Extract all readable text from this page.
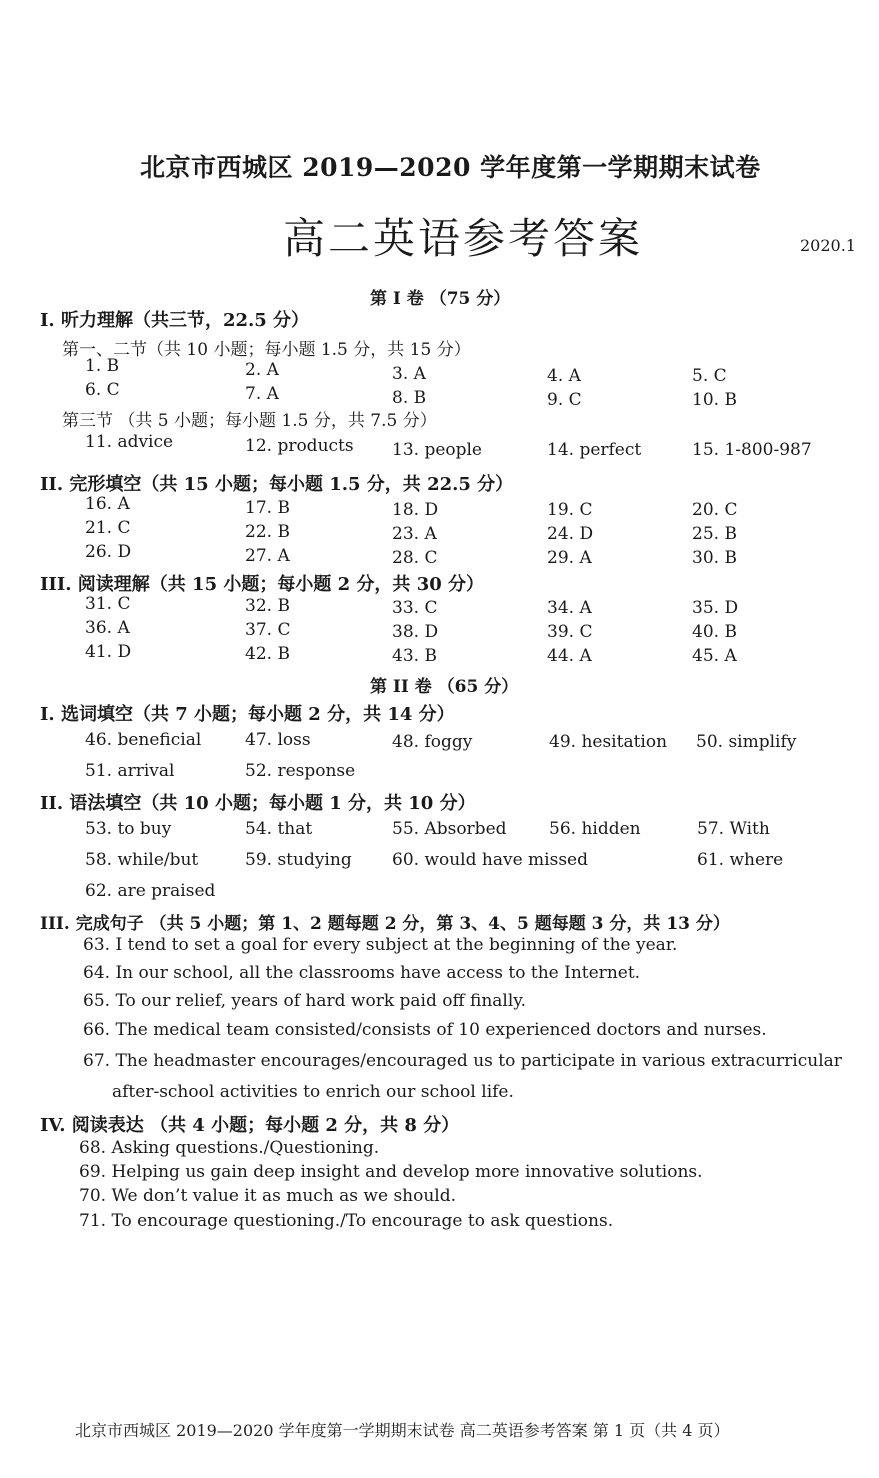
北京市西城区 2019—2020 学年度第一学期期末试卷
高二英语参考答案	2020.1
第 I 卷 （75 分）
I. 听力理解（共三节，22.5 分）
第一、二节（共 10 小题；每小题 1.5 分，共 15 分）
1. B	2. A	3. A	4. A	5. C
6. C	7. A	8. B	9. C	10. B
第三节 （共 5 小题；每小题 1.5 分，共 7.5 分）
11. advice	12. products 13. people	14. perfect	15. 1-800-987
II. 完形填空（共 15 小题；每小题 1.5 分，共 22.5 分）
16. A	17. B	18. D	19. C	20. C
21. C	22. B	23. A	24. D	25. B
26. D	27. A	28. C	29. A	30. B
III. 阅读理解（共 15 小题；每小题 2 分，共 30 分）
31. C	32. B	33. C	34. A	35. D
36. A	37. C	38. D	39. C	40. B
41. D	42. B	43. B	44. A	45. A
第 II 卷 （65 分）
I. 选词填空（共 7 小题；每小题 2 分，共 14 分）
46. beneficial	47. loss	48. foggy	49. hesitation 50. simplify
51. arrival	52. response
II. 语法填空（共 10 小题；每小题 1 分，共 10 分）
53. to buy	54. that	55. Absorbed 56. hidden	57. With
58. while/but	59. studying 60. would have missed	61. where
62. are praised
III. 完成句子 （共 5 小题；第 1、2 题每题 2 分，第 3、4、5 题每题 3 分，共 13 分）
63. I tend to set a goal for every subject at the beginning of the year.
64. In our school, all the classrooms have access to the Internet.
65. To our relief, years of hard work paid off finally.
66. The medical team consisted/consists of 10 experienced doctors and nurses.
67. The headmaster encourages/encouraged us to participate in various extracurricular
after-school activities to enrich our school life.
IV. 阅读表达 （共 4 小题；每小题 2 分，共 8 分）
68. Asking questions./Questioning.
69. Helping us gain deep insight and develop more innovative solutions.
70. We don’t value it as much as we should.
71. To encourage questioning./To encourage to ask questions.
北京市西城区 2019—2020 学年度第一学期期末试卷 高二英语参考答案 第 1 页（共 4 页）
